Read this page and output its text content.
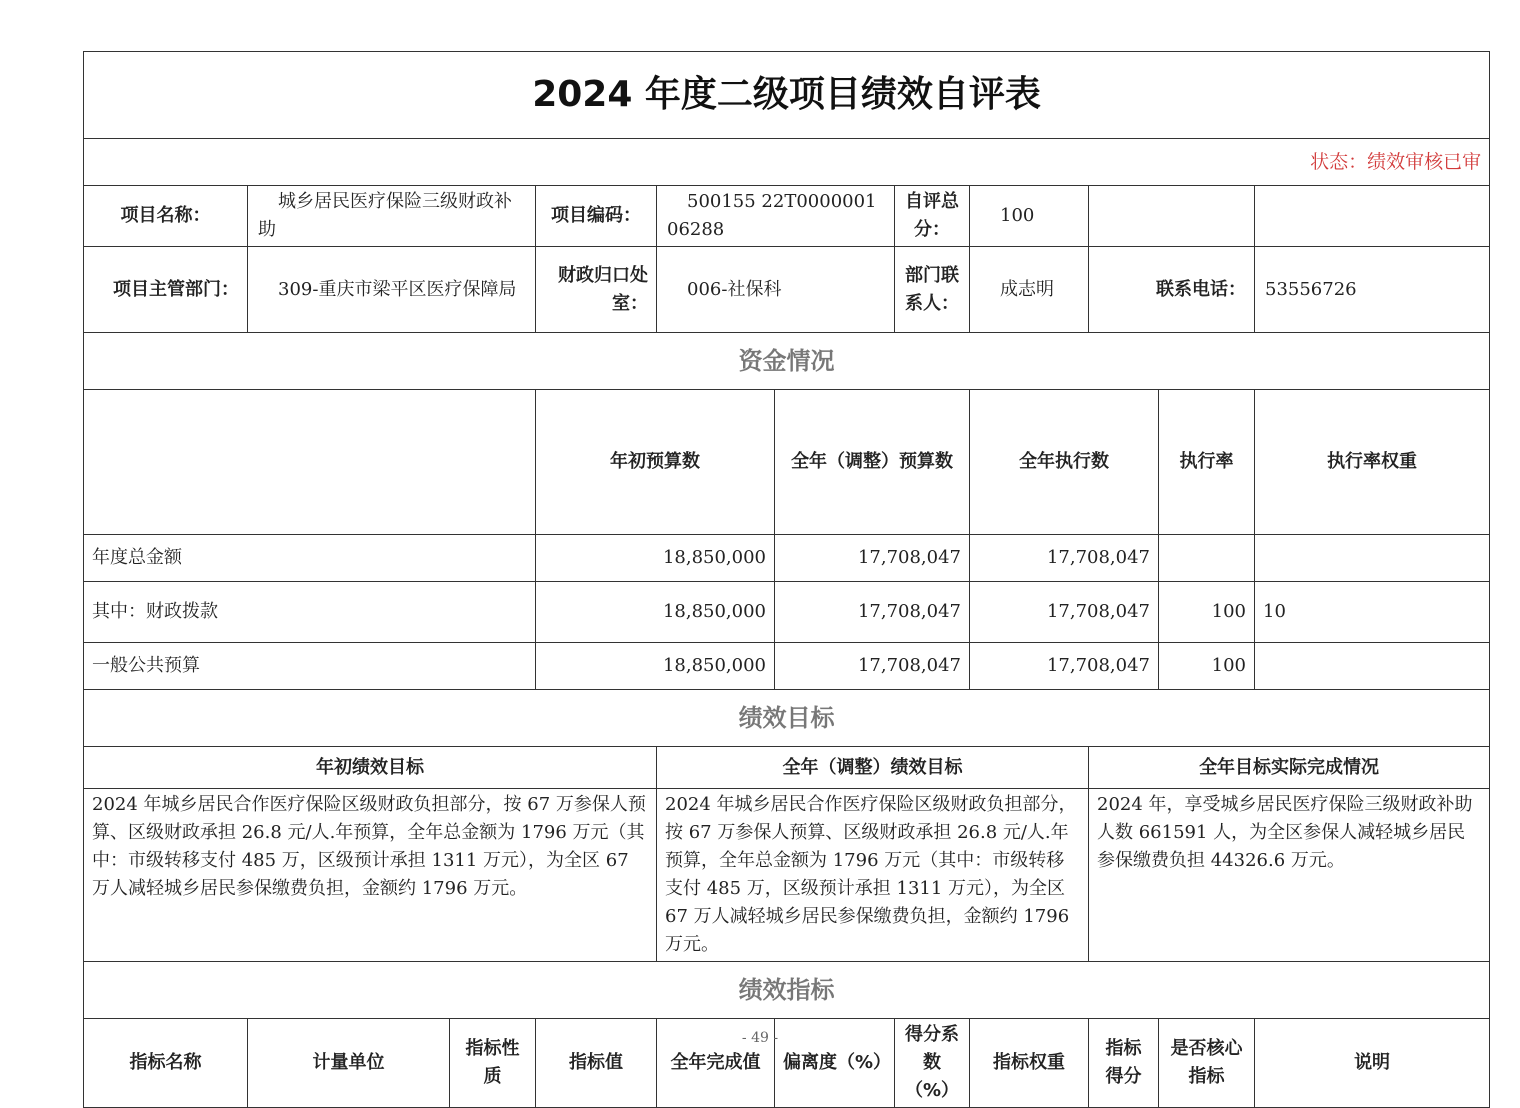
2024 年度二级项目绩效自评表											
状态：绩效审核已审											
项目名称：	城乡居民医疗保险三级财政补助		项目编码：	500155 22T000000106288		自评总分：	100				
项目主管部门：	309-重庆市梁平区医疗保障局		财政归口处室：	006-社保科		部门联系人：	成志明	联系电话：		53556726	
资金情况											
			年初预算数		全年（调整）预算数		全年执行数		执行率	执行率权重	
年度总金额			18,850,000		17,708,047		17,708,047				
其中：财政拨款			18,850,000		17,708,047		17,708,047		100	10	
一般公共预算			18,850,000		17,708,047		17,708,047		100		
绩效目标											
年初绩效目标				全年（调整）绩效目标				全年目标实际完成情况			
2024 年城乡居民合作医疗保险区级财政负担部分，按 67 万参保人预算、区级财政承担 26.8 元/人.年预算，全年总金额为 1796 万元（其中：市级转移支付 485 万，区级预计承担 1311 万元），为全区 67 万人减轻城乡居民参保缴费负担，金额约 1796 万元。				2024 年城乡居民合作医疗保险区级财政负担部分，按 67 万参保人预算、区级财政承担 26.8 元/人.年预算，全年总金额为 1796 万元（其中：市级转移支付 485 万，区级预计承担 1311 万元），为全区 67 万人减轻城乡居民参保缴费负担，金额约 1796 万元。				2024 年，享受城乡居民医疗保险三级财政补助人数 661591 人，为全区参保人减轻城乡居民参保缴费负担 44326.6 万元。			
绩效指标											
指标名称	计量单位	指标性质	指标值	全年完成值	偏离度（%）	得分系数（%）	指标权重	指标得分	是否核心指标	说明	
- 49 -
